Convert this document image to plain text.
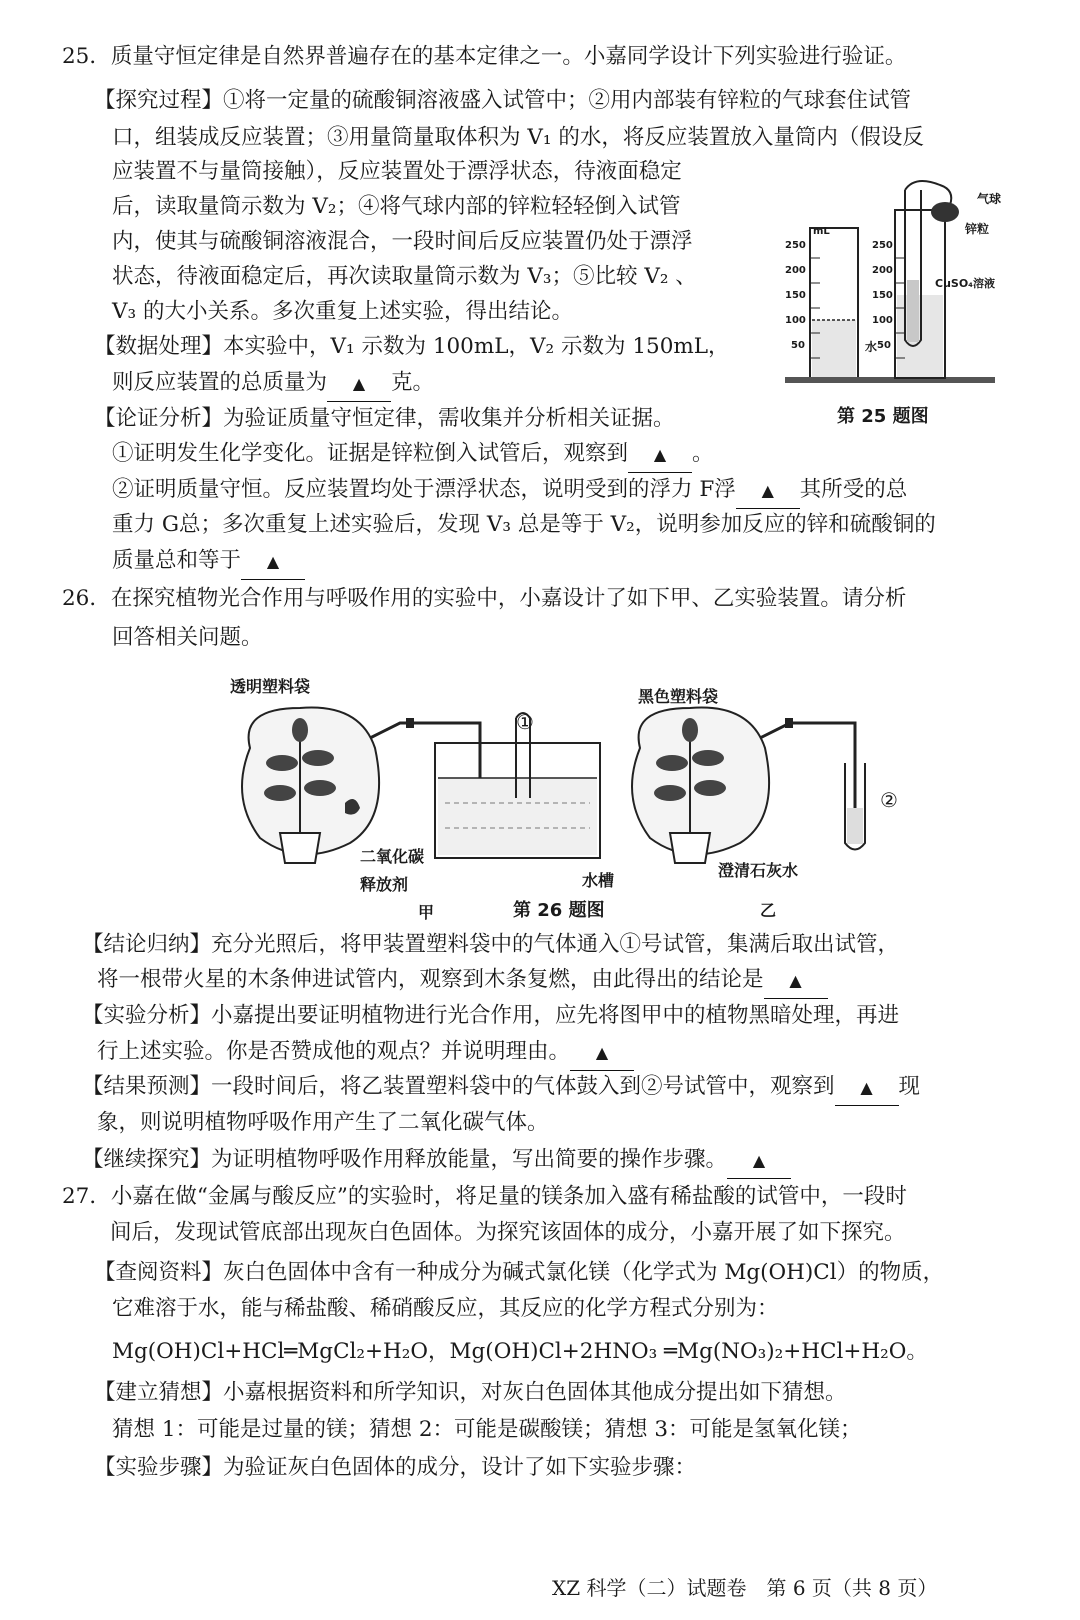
25．质量守恒定律是自然界普遍存在的基本定律之一。小嘉同学设计下列实验进行验证。
【探究过程】①将一定量的硫酸铜溶液盛入试管中；②用内部装有锌粒的气球套住试管
口，组装成反应装置；③用量筒量取体积为 V₁ 的水，将反应装置放入量筒内（假设反
应装置不与量筒接触），反应装置处于漂浮状态，待液面稳定
后，读取量筒示数为 V₂；④将气球内部的锌粒轻轻倒入试管
内，使其与硫酸铜溶液混合，一段时间后反应装置仍处于漂浮
状态，待液面稳定后，再次读取量筒示数为 V₃；⑤比较 V₂ 、
V₃ 的大小关系。多次重复上述实验，得出结论。
【数据处理】本实验中，V₁ 示数为 100mL，V₂ 示数为 150mL，
则反应装置的总质量为 ▲ 克。
【论证分析】为验证质量守恒定律，需收集并分析相关证据。
①证明发生化学变化。证据是锌粒倒入试管后，观察到 ▲ 。
②证明质量守恒。反应装置均处于漂浮状态，说明受到的浮力 F浮 ▲ 其所受的总
重力 G总；多次重复上述实验后，发现 V₃ 总是等于 V₂，说明参加反应的锌和硫酸铜的
质量总和等于 ▲
气球
锌粒
CuSO₄溶液
水
mL
250
200
150
100
50
250
200
150
100
50
第 25 题图
26．在探究植物光合作用与呼吸作用的实验中，小嘉设计了如下甲、乙实验装置。请分析
回答相关问题。
透明塑料袋
黑色塑料袋
①
②
二氧化碳
释放剂	水槽
澄清石灰水
甲	第 26 题图	乙
【结论归纳】充分光照后，将甲装置塑料袋中的气体通入①号试管，集满后取出试管，
将一根带火星的木条伸进试管内，观察到木条复燃，由此得出的结论是 ▲
【实验分析】小嘉提出要证明植物进行光合作用，应先将图甲中的植物黑暗处理，再进
行上述实验。你是否赞成他的观点？并说明理由。 ▲
【结果预测】一段时间后，将乙装置塑料袋中的气体鼓入到②号试管中，观察到 ▲ 现
象，则说明植物呼吸作用产生了二氧化碳气体。
【继续探究】为证明植物呼吸作用释放能量，写出简要的操作步骤。 ▲
27．小嘉在做“金属与酸反应”的实验时，将足量的镁条加入盛有稀盐酸的试管中，一段时
间后，发现试管底部出现灰白色固体。为探究该固体的成分，小嘉开展了如下探究。
【查阅资料】灰白色固体中含有一种成分为碱式氯化镁（化学式为 Mg(OH)Cl）的物质，
它难溶于水，能与稀盐酸、稀硝酸反应，其反应的化学方程式分别为：
Mg(OH)Cl+HCl═MgCl₂+H₂O，Mg(OH)Cl+2HNO₃ ═Mg(NO₃)₂+HCl+H₂O。
【建立猜想】小嘉根据资料和所学知识，对灰白色固体其他成分提出如下猜想。
猜想 1：可能是过量的镁；猜想 2：可能是碳酸镁；猜想 3：可能是氢氧化镁；
【实验步骤】为验证灰白色固体的成分，设计了如下实验步骤：
XZ 科学（二）试题卷　第 6 页（共 8 页）
